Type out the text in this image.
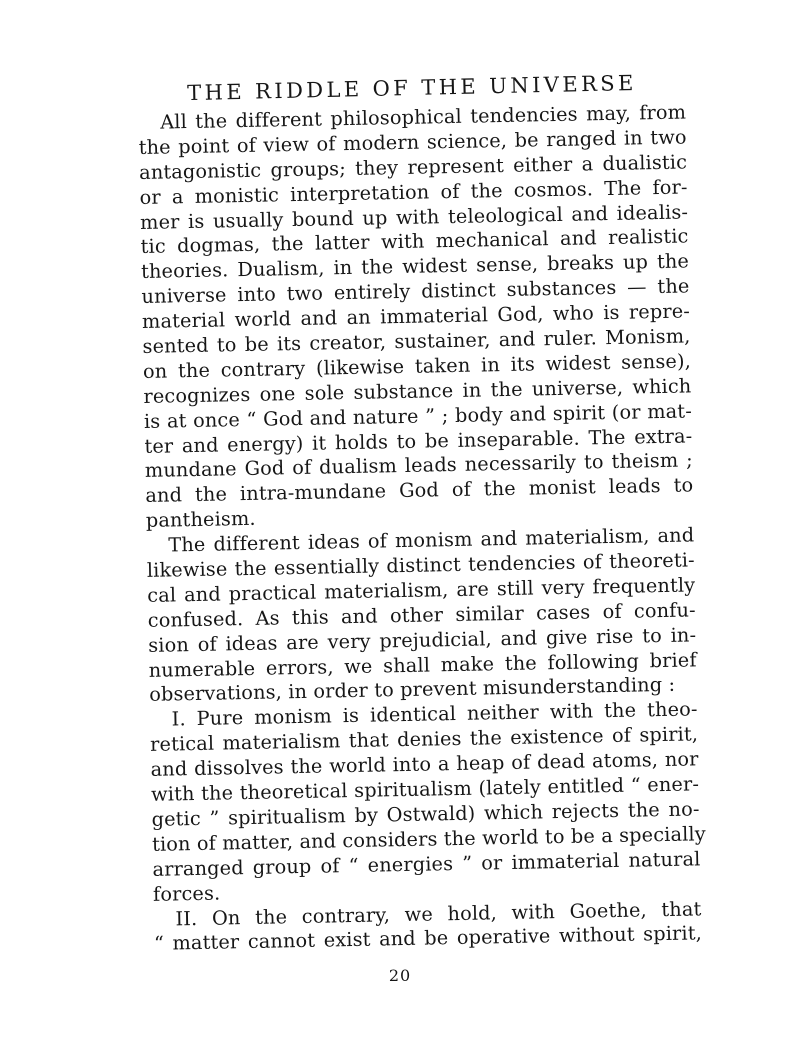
THE RIDDLE OF THE UNIVERSE
All the different philosophical tendencies may, from
the point of view of modern science, be ranged in two
antagonistic groups; they represent either a dualistic
or a monistic interpretation of the cosmos. The for-
mer is usually bound up with teleological and idealis-
tic dogmas, the latter with mechanical and realistic
theories. Dualism, in the widest sense, breaks up the
universe into two entirely distinct substances — the
material world and an immaterial God, who is repre-
sented to be its creator, sustainer, and ruler. Monism,
on the contrary (likewise taken in its widest sense),
recognizes one sole substance in the universe, which
is at once “ God and nature ” ; body and spirit (or mat-
ter and energy) it holds to be inseparable. The extra-
mundane God of dualism leads necessarily to theism ;
and the intra-mundane God of the monist leads to
pantheism.
The different ideas of monism and materialism, and
likewise the essentially distinct tendencies of theoreti-
cal and practical materialism, are still very frequently
confused. As this and other similar cases of confu-
sion of ideas are very prejudicial, and give rise to in-
numerable errors, we shall make the following brief
observations, in order to prevent misunderstanding :
I. Pure monism is identical neither with the theo-
retical materialism that denies the existence of spirit,
and dissolves the world into a heap of dead atoms, nor
with the theoretical spiritualism (lately entitled “ ener-
getic ” spiritualism by Ostwald) which rejects the no-
tion of matter, and considers the world to be a specially
arranged group of “ energies ” or immaterial natural
forces.
II. On the contrary, we hold, with Goethe, that
“ matter cannot exist and be operative without spirit,
20
